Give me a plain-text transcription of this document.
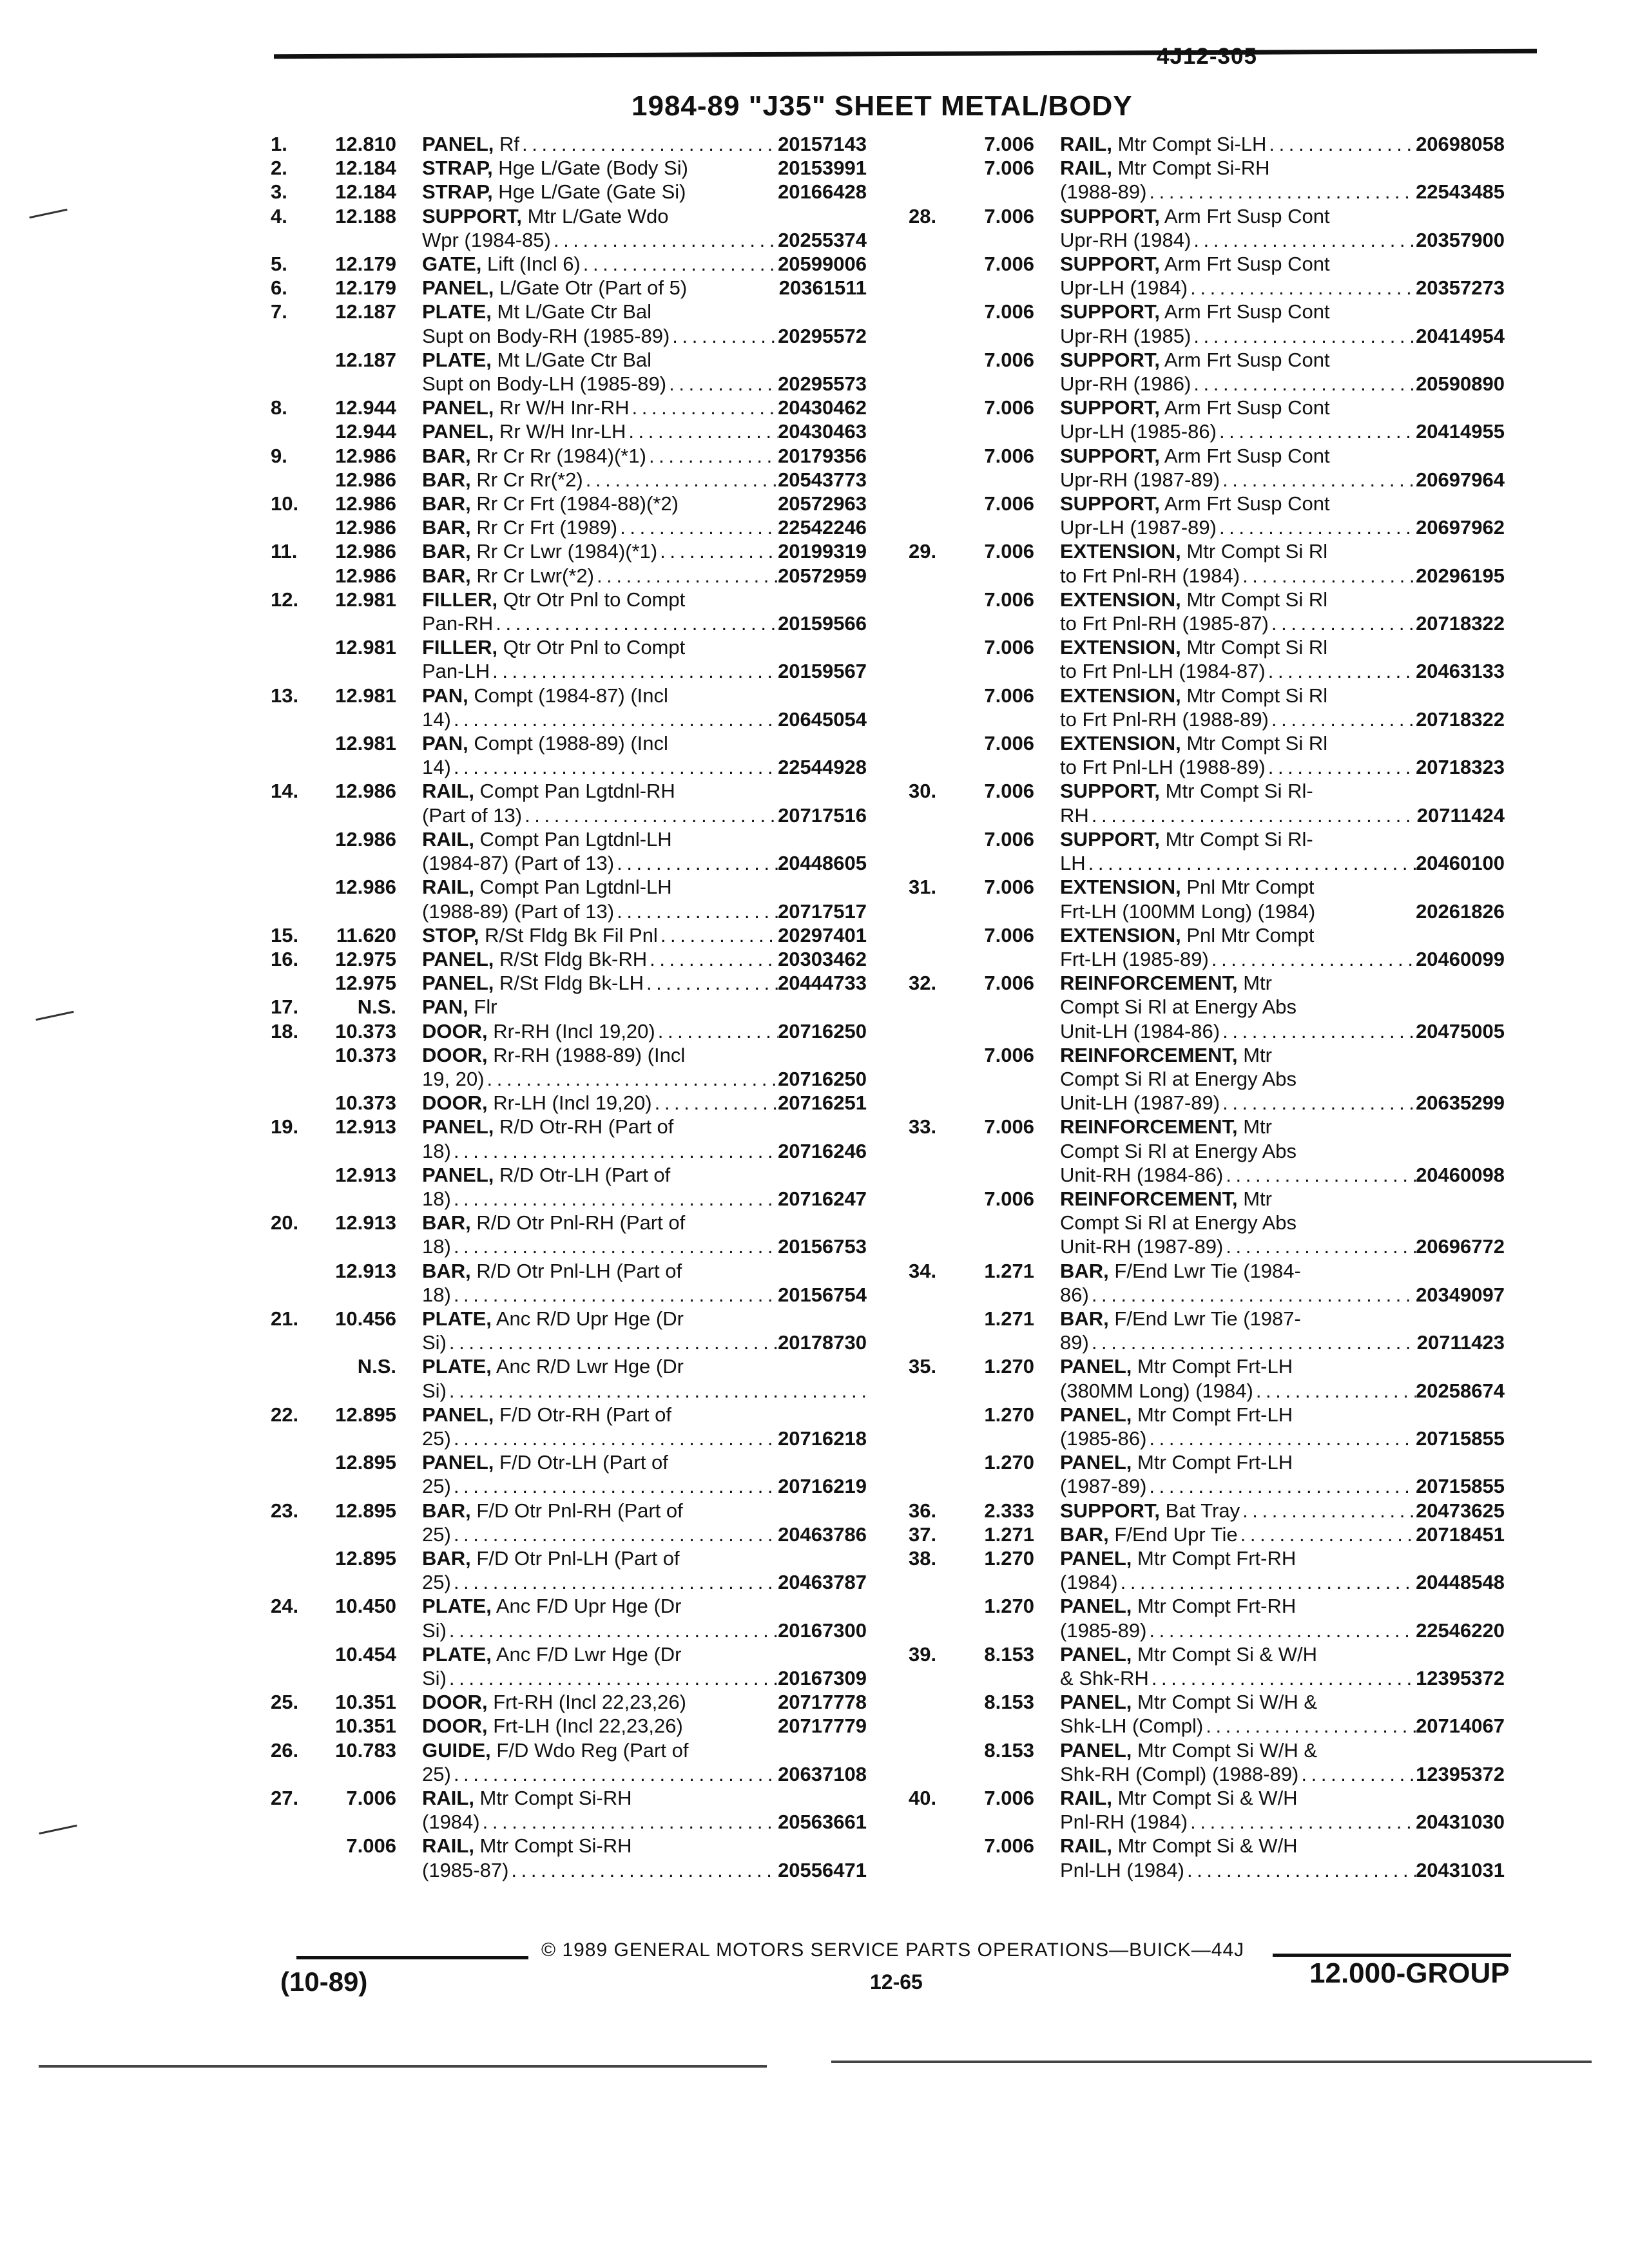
4J12-305
1984-89 "J35" SHEET METAL/BODY
1.	12.810	PANEL, Rf . . .	20157143
2.	12.184	STRAP, Hge L/Gate (Body Si)	20153991
3.	12.184	STRAP, Hge L/Gate (Gate Si)	20166428
4.	12.188	SUPPORT, Mtr L/Gate Wdo
Wpr (1984-85) . . .	20255374
5.	12.179	GATE, Lift (Incl 6) . . .	20599006
6.	12.179	PANEL, L/Gate Otr (Part of 5)	20361511
7.	12.187	PLATE, Mt L/Gate Ctr Bal
Supt on Body-RH (1985-89) . . .	20295572
12.187	PLATE, Mt L/Gate Ctr Bal
Supt on Body-LH (1985-89) . . .	20295573
8.	12.944	PANEL, Rr W/H Inr-RH . . .	20430462
12.944	PANEL, Rr W/H Inr-LH . . .	20430463
9.	12.986	BAR, Rr Cr Rr (1984)(*1) . . .	20179356
12.986	BAR, Rr Cr Rr(*2) . . .	20543773
10.	12.986	BAR, Rr Cr Frt (1984-88)(*2)	20572963
12.986	BAR, Rr Cr Frt (1989) . . .	22542246
11.	12.986	BAR, Rr Cr Lwr (1984)(*1) . . .	20199319
12.986	BAR, Rr Cr Lwr(*2) . . .	20572959
12.	12.981	FILLER, Qtr Otr Pnl to Compt
Pan-RH . . .	20159566
12.981	FILLER, Qtr Otr Pnl to Compt
Pan-LH . . .	20159567
13.	12.981	PAN, Compt (1984-87) (Incl
14) . . .	20645054
12.981	PAN, Compt (1988-89) (Incl
14) . . .	22544928
14.	12.986	RAIL, Compt Pan Lgtdnl-RH
(Part of 13) . . .	20717516
12.986	RAIL, Compt Pan Lgtdnl-LH
(1984-87) (Part of 13) . . .	20448605
12.986	RAIL, Compt Pan Lgtdnl-LH
(1988-89) (Part of 13) . . .	20717517
15.	11.620	STOP, R/St Fldg Bk Fil Pnl . . .	20297401
16.	12.975	PANEL, R/St Fldg Bk-RH . . .	20303462
12.975	PANEL, R/St Fldg Bk-LH . . .	20444733
17.	N.S.	PAN, Flr
18.	10.373	DOOR, Rr-RH (Incl 19,20) . . .	20716250
10.373	DOOR, Rr-RH (1988-89) (Incl
19, 20) . . .	20716250
10.373	DOOR, Rr-LH (Incl 19,20) . . .	20716251
19.	12.913	PANEL, R/D Otr-RH (Part of
18) . . .	20716246
12.913	PANEL, R/D Otr-LH (Part of
18) . . .	20716247
20.	12.913	BAR, R/D Otr Pnl-RH (Part of
18) . . .	20156753
12.913	BAR, R/D Otr Pnl-LH (Part of
18) . . .	20156754
21.	10.456	PLATE, Anc R/D Upr Hge (Dr
Si) . . .	20178730
N.S.	PLATE, Anc R/D Lwr Hge (Dr
Si)
. . .
22.	12.895	PANEL, F/D Otr-RH (Part of
25) . . .	20716218
12.895	PANEL, F/D Otr-LH (Part of
25) . . .	20716219
23.	12.895	BAR, F/D Otr Pnl-RH (Part of
25) . . .	20463786
12.895	BAR, F/D Otr Pnl-LH (Part of
25) . . .	20463787
24.	10.450	PLATE, Anc F/D Upr Hge (Dr
Si) . . .	20167300
10.454	PLATE, Anc F/D Lwr Hge (Dr
Si) . . .	20167309
25.	10.351	DOOR, Frt-RH (Incl 22,23,26)	20717778
10.351	DOOR, Frt-LH (Incl 22,23,26)	20717779
26.	10.783	GUIDE, F/D Wdo Reg (Part of
25) . . .	20637108
27.	7.006	RAIL, Mtr Compt Si-RH
(1984) . . .	20563661
7.006	RAIL, Mtr Compt Si-RH
(1985-87) . . .	20556471
7.006	RAIL, Mtr Compt Si-LH . . .	20698058
7.006	RAIL, Mtr Compt Si-RH
(1988-89) . . .	22543485
28.	7.006	SUPPORT, Arm Frt Susp Cont
Upr-RH (1984) . . .	20357900
7.006	SUPPORT, Arm Frt Susp Cont
Upr-LH (1984) . . .	20357273
7.006	SUPPORT, Arm Frt Susp Cont
Upr-RH (1985) . . .	20414954
7.006	SUPPORT, Arm Frt Susp Cont
Upr-RH (1986) . . .	20590890
7.006	SUPPORT, Arm Frt Susp Cont
Upr-LH (1985-86) . . .	20414955
7.006	SUPPORT, Arm Frt Susp Cont
Upr-RH (1987-89) . . .	20697964
7.006	SUPPORT, Arm Frt Susp Cont
Upr-LH (1987-89) . . .	20697962
29.	7.006	EXTENSION, Mtr Compt Si Rl
to Frt Pnl-RH (1984) . . .	20296195
7.006	EXTENSION, Mtr Compt Si Rl
to Frt Pnl-RH (1985-87) . . .	20718322
7.006	EXTENSION, Mtr Compt Si Rl
to Frt Pnl-LH (1984-87) . . .	20463133
7.006	EXTENSION, Mtr Compt Si Rl
to Frt Pnl-RH (1988-89) . . .	20718322
7.006	EXTENSION, Mtr Compt Si Rl
to Frt Pnl-LH (1988-89) . . .	20718323
30.	7.006	SUPPORT, Mtr Compt Si Rl-
RH . . .	20711424
7.006	SUPPORT, Mtr Compt Si Rl-
LH . . .	20460100
31.	7.006	EXTENSION, Pnl Mtr Compt
Frt-LH (100MM Long) (1984)	20261826
7.006	EXTENSION, Pnl Mtr Compt
Frt-LH (1985-89) . . .	20460099
32.	7.006	REINFORCEMENT, Mtr
Compt Si Rl at Energy Abs
Unit-LH (1984-86) . . .	20475005
7.006	REINFORCEMENT, Mtr
Compt Si Rl at Energy Abs
Unit-LH (1987-89) . . .	20635299
33.	7.006	REINFORCEMENT, Mtr
Compt Si Rl at Energy Abs
Unit-RH (1984-86) . . .	20460098
7.006	REINFORCEMENT, Mtr
Compt Si Rl at Energy Abs
Unit-RH (1987-89) . . .	20696772
34.	1.271	BAR, F/End Lwr Tie (1984-
86) . . .	20349097
1.271	BAR, F/End Lwr Tie (1987-
89) . . .	20711423
35.	1.270	PANEL, Mtr Compt Frt-LH
(380MM Long) (1984) . . .	20258674
1.270	PANEL, Mtr Compt Frt-LH
(1985-86) . . .	20715855
1.270	PANEL, Mtr Compt Frt-LH
(1987-89) . . .	20715855
36.	2.333	SUPPORT, Bat Tray . . .	20473625
37.	1.271	BAR, F/End Upr Tie . . .	20718451
38.	1.270	PANEL, Mtr Compt Frt-RH
(1984) . . .	20448548
1.270	PANEL, Mtr Compt Frt-RH
(1985-89) . . .	22546220
39.	8.153	PANEL, Mtr Compt Si & W/H
& Shk-RH . . .	12395372
8.153	PANEL, Mtr Compt Si W/H &
Shk-LH (Compl) . . .	20714067
8.153	PANEL, Mtr Compt Si W/H &
Shk-RH (Compl) (1988-89) . . .	12395372
40.	7.006	RAIL, Mtr Compt Si & W/H
Pnl-RH (1984) . . .	20431030
7.006	RAIL, Mtr Compt Si & W/H
Pnl-LH (1984) . . .	20431031
© 1989 GENERAL MOTORS SERVICE PARTS OPERATIONS—BUICK—44J
(10-89)	12-65	12.000-GROUP
